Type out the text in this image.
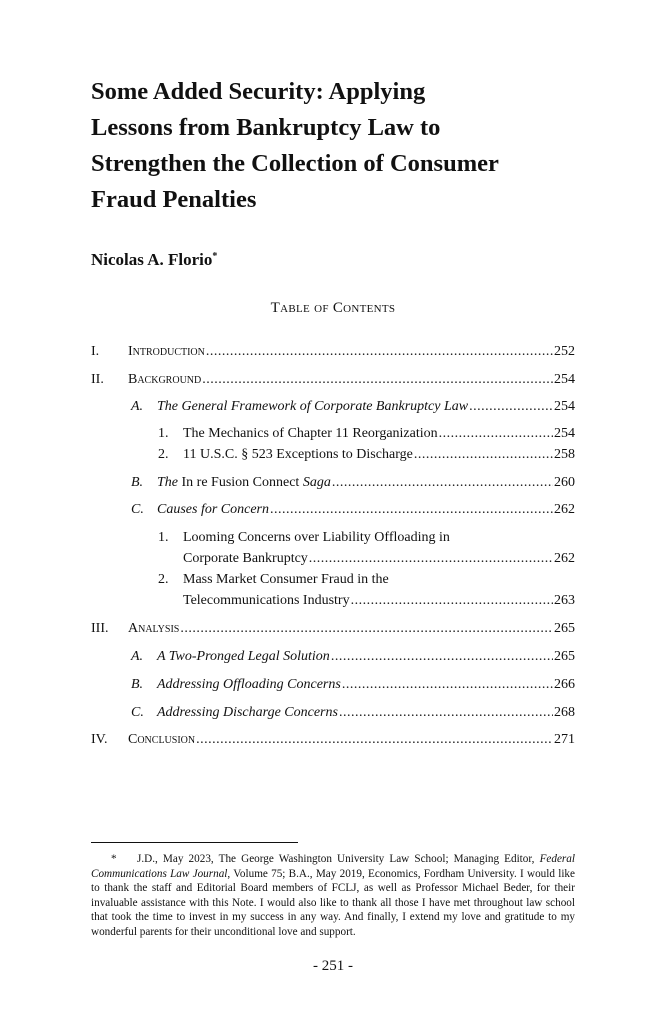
Some Added Security: Applying
Lessons from Bankruptcy Law to
Strengthen the Collection of Consumer
Fraud Penalties

Nicolas A. Florio*

Table of Contents
I. Introduction .....	252
II. Background .....	254
A. The General Framework of Corporate Bankruptcy Law .....	254
1. The Mechanics of Chapter 11 Reorganization .....	254
2. 11 U.S.C. § 523 Exceptions to Discharge .....	258
B. The In re Fusion Connect Saga .....	260
C. Causes for Concern .....	262
1. Looming Concerns over Liability Offloading in
Corporate Bankruptcy .....	262
2. Mass Market Consumer Fraud in the
Telecommunications Industry .....	263
III. Analysis .....	265
A. A Two-Pronged Legal Solution .....	265
B. Addressing Offloading Concerns .....	266
C. Addressing Discharge Concerns .....	268
IV. Conclusion .....	271

* J.D., May 2023, The George Washington University Law School; Managing Editor, Federal Communications Law Journal, Volume 75; B.A., May 2019, Economics, Fordham University. I would like to thank the staff and Editorial Board members of FCLJ, as well as Professor Michael Beder, for their invaluable assistance with this Note. I would also like to thank all those I have met throughout law school that took the time to invest in my success in any way. And finally, I extend my love and gratitude to my wonderful parents for their unconditional love and support.

- 251 -
